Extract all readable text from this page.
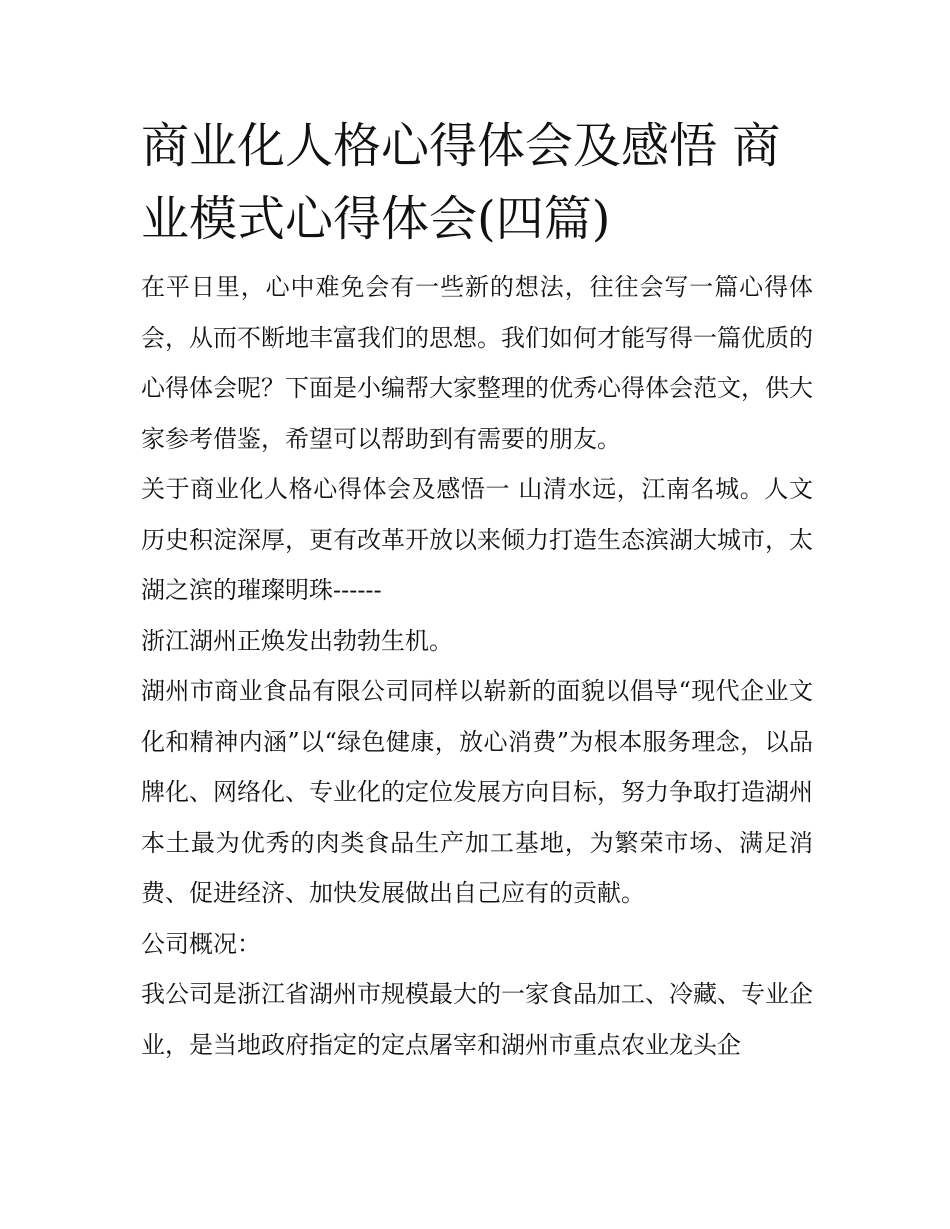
商业化人格心得体会及感悟 商业模式心得体会(四篇)

在平日里，心中难免会有一些新的想法，往往会写一篇心得体会，从而不断地丰富我们的思想。我们如何才能写得一篇优质的心得体会呢？下面是小编帮大家整理的优秀心得体会范文，供大家参考借鉴，希望可以帮助到有需要的朋友。

关于商业化人格心得体会及感悟一 山清水远，江南名城。人文历史积淀深厚，更有改革开放以来倾力打造生态滨湖大城市，太湖之滨的璀璨明珠------

浙江湖州正焕发出勃勃生机。

湖州市商业食品有限公司同样以崭新的面貌以倡导“现代企业文化和精神内涵”以“绿色健康，放心消费”为根本服务理念，以品牌化、网络化、专业化的定位发展方向目标，努力争取打造湖州本土最为优秀的肉类食品生产加工基地，为繁荣市场、满足消费、促进经济、加快发展做出自己应有的贡献。

公司概况：

我公司是浙江省湖州市规模最大的一家食品加工、冷藏、专业企业，是当地政府指定的定点屠宰和湖州市重点农业龙头企
